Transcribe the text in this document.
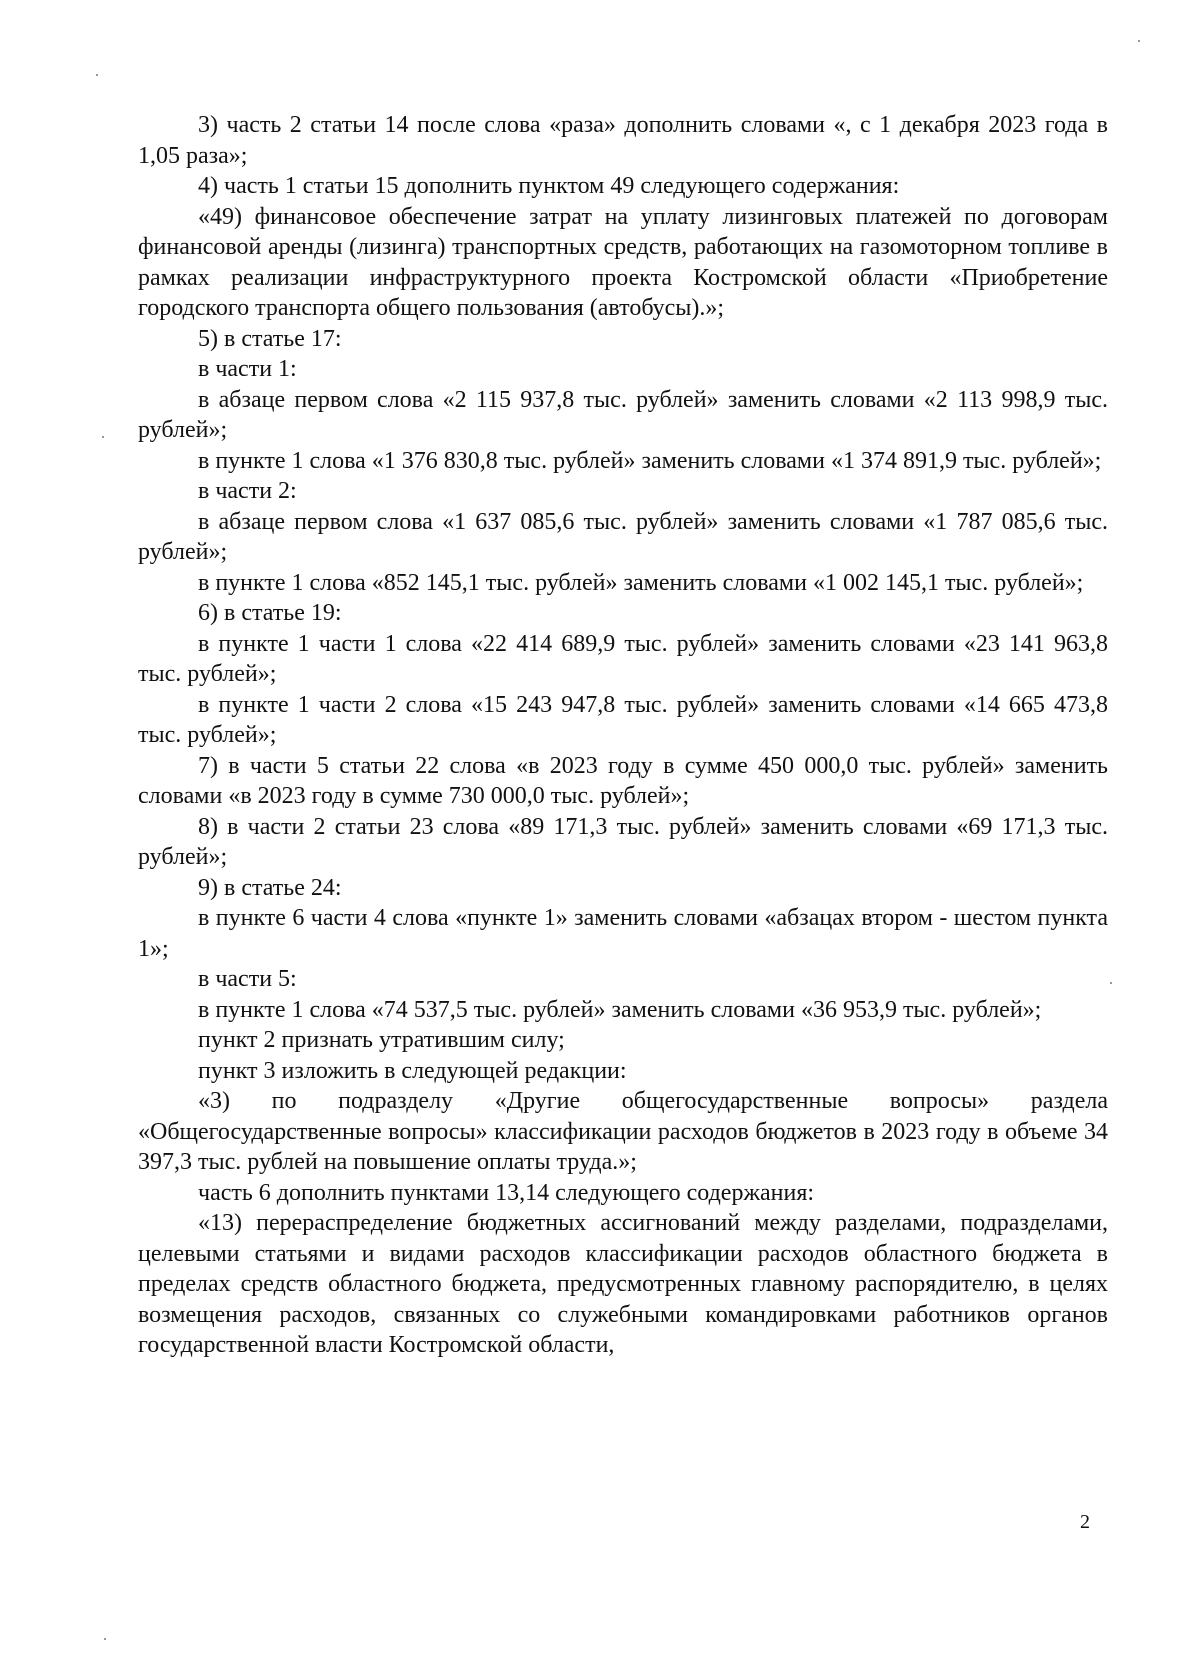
3) часть 2 статьи 14 после слова «раза» дополнить словами «, с 1 декабря 2023 года в 1,05 раза»;

4) часть 1 статьи 15 дополнить пунктом 49 следующего содержания:

«49) финансовое обеспечение затрат на уплату лизинговых платежей по договорам финансовой аренды (лизинга) транспортных средств, работающих на газомоторном топливе в рамках реализации инфраструктурного проекта Костромской области «Приобретение городского транспорта общего пользования (автобусы).»;

5) в статье 17:

в части 1:

в абзаце первом слова «2 115 937,8 тыс. рублей» заменить словами «2 113 998,9 тыс. рублей»;

в пункте 1 слова «1 376 830,8 тыс. рублей» заменить словами «1 374 891,9 тыс. рублей»;

в части 2:

в абзаце первом слова «1 637 085,6 тыс. рублей» заменить словами «1 787 085,6 тыс. рублей»;

в пункте 1 слова «852 145,1 тыс. рублей» заменить словами «1 002 145,1 тыс. рублей»;

6) в статье 19:

в пункте 1 части 1 слова «22 414 689,9 тыс. рублей» заменить словами «23 141 963,8 тыс. рублей»;

в пункте 1 части 2 слова «15 243 947,8 тыс. рублей» заменить словами «14 665 473,8 тыс. рублей»;

7) в части 5 статьи 22 слова «в 2023 году в сумме 450 000,0 тыс. рублей» заменить словами «в 2023 году в сумме 730 000,0 тыс. рублей»;

8) в части 2 статьи 23 слова «89 171,3 тыс. рублей» заменить словами «69 171,3 тыс. рублей»;

9) в статье 24:

в пункте 6 части 4 слова «пункте 1» заменить словами «абзацах втором - шестом пункта 1»;

в части 5:

в пункте 1 слова «74 537,5 тыс. рублей» заменить словами «36 953,9 тыс. рублей»;

пункт 2 признать утратившим силу;

пункт 3 изложить в следующей редакции:

«3) по подразделу «Другие общегосударственные вопросы» раздела «Общегосударственные вопросы» классификации расходов бюджетов в 2023 году в объеме 34 397,3 тыс. рублей на повышение оплаты труда.»;

часть 6 дополнить пунктами 13,14 следующего содержания:

«13) перераспределение бюджетных ассигнований между разделами, подразделами, целевыми статьями и видами расходов классификации расходов областного бюджета в пределах средств областного бюджета, предусмотренных главному распорядителю, в целях возмещения расходов, связанных со служебными командировками работников органов государственной власти Костромской области,

2
